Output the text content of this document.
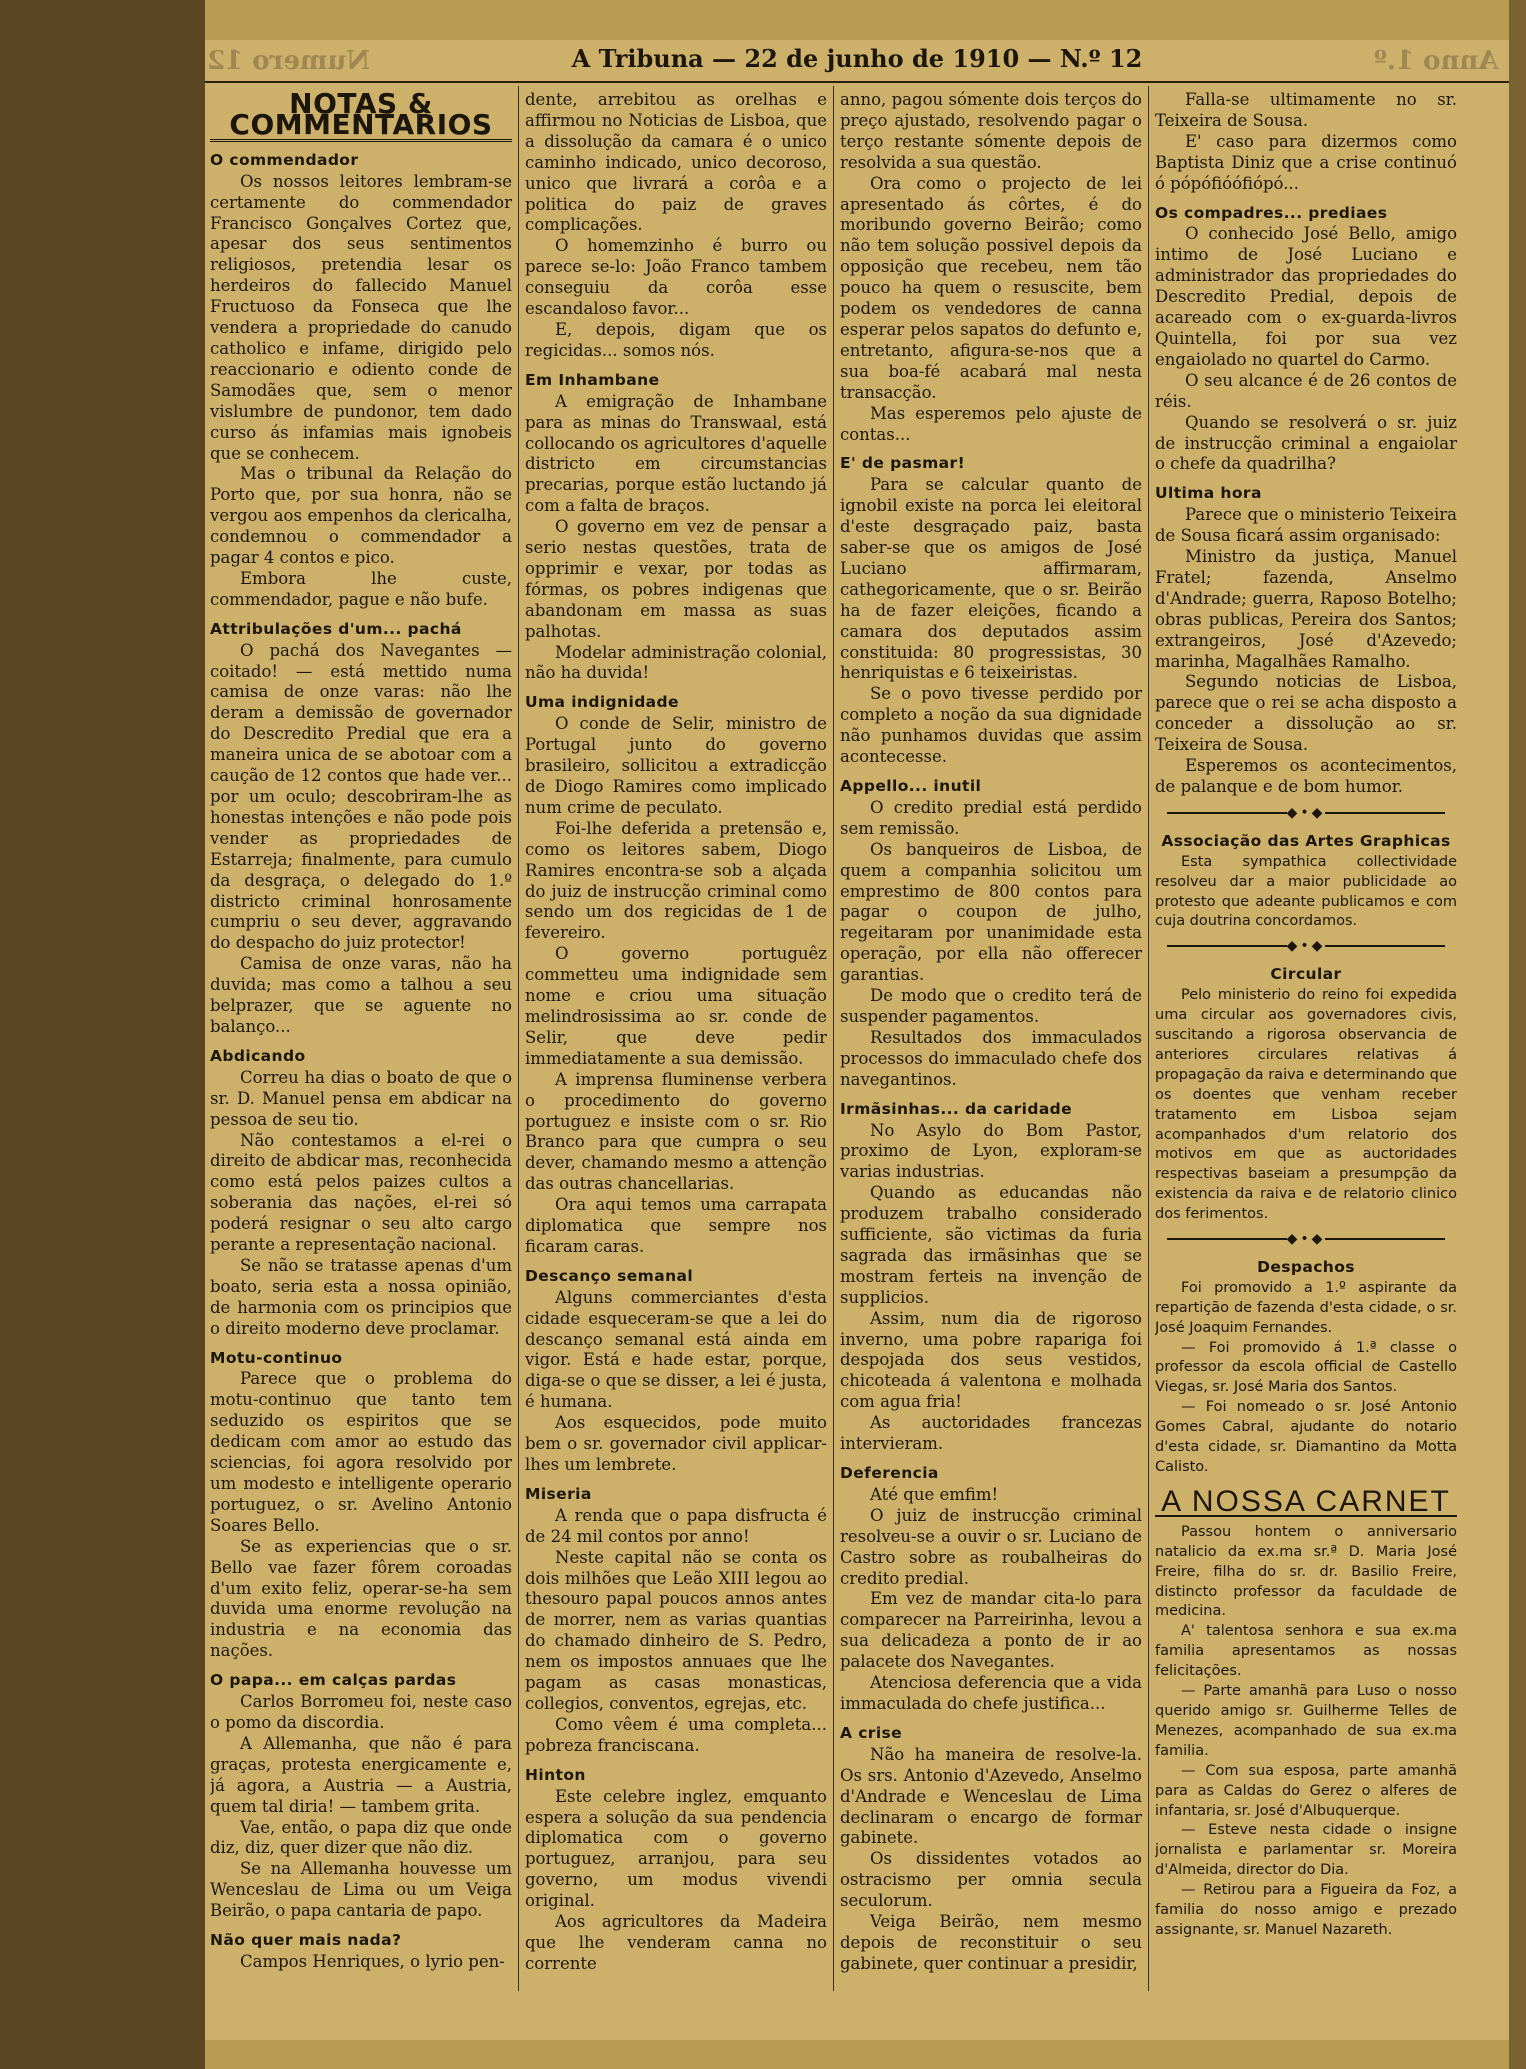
Numero 12	A Tribuna — 22 de junho de 1910 — N.º 12	Anno 1.º
NOTAS & COMMENTARIOS
O commendador

Os nossos leitores lembram-se certamente do commendador Francisco Gonçalves Cortez que, apesar dos seus sentimentos religiosos, pretendia lesar os herdeiros do fallecido Manuel Fructuoso da Fonseca que lhe vendera a propriedade do canudo catholico e infame, dirigido pelo reaccionario e odiento conde de Samodães que, sem o menor vislumbre de pundonor, tem dado curso ás infamias mais ignobeis que se conhecem.

Mas o tribunal da Relação do Porto que, por sua honra, não se vergou aos empenhos da clericalha, condemnou o commendador a pagar 4 contos e pico.

Embora lhe custe, commendador, pague e não bufe.

Attribulações d'um... pachá

O pachá dos Navegantes — coitado! — está mettido numa camisa de onze varas: não lhe deram a demissão de governador do Descredito Predial que era a maneira unica de se abotoar com a caução de 12 contos que hade ver... por um oculo; descobriram-lhe as honestas intenções e não pode pois vender as propriedades de Estarreja; finalmente, para cumulo da desgraça, o delegado do 1.º districto criminal honrosamente cumpriu o seu dever, aggravando do despacho do juiz protector!

Camisa de onze varas, não ha duvida; mas como a talhou a seu belprazer, que se aguente no balanço...

Abdicando

Correu ha dias o boato de que o sr. D. Manuel pensa em abdicar na pessoa de seu tio.

Não contestamos a el-rei o direito de abdicar mas, reconhecida como está pelos paizes cultos a soberania das nações, el-rei só poderá resignar o seu alto cargo perante a representação nacional.

Se não se tratasse apenas d'um boato, seria esta a nossa opinião, de harmonia com os principios que o direito moderno deve proclamar.

Motu-continuo

Parece que o problema do motu-continuo que tanto tem seduzido os espiritos que se dedicam com amor ao estudo das sciencias, foi agora resolvido por um modesto e intelligente operario portuguez, o sr. Avelino Antonio Soares Bello.

Se as experiencias que o sr. Bello vae fazer fôrem coroadas d'um exito feliz, operar-se-ha sem duvida uma enorme revolução na industria e na economia das nações.

O papa... em calças pardas

Carlos Borromeu foi, neste caso o pomo da discordia.

A Allemanha, que não é para graças, protesta energicamente e, já agora, a Austria — a Austria, quem tal diria! — tambem grita.

Vae, então, o papa diz que onde diz, diz, quer dizer que não diz.

Se na Allemanha houvesse um Wenceslau de Lima ou um Veiga Beirão, o papa cantaria de papo.

Não quer mais nada?

Campos Henriques, o lyrio pen-

dente, arrebitou as orelhas e affirmou no Noticias de Lisboa, que a dissolução da camara é o unico caminho indicado, unico decoroso, unico que livrará a corôa e a politica do paiz de graves complicações.

O homemzinho é burro ou parece se-lo: João Franco tambem conseguiu da corôa esse escandaloso favor...

E, depois, digam que os regicidas... somos nós.

Em Inhambane

A emigração de Inhambane para as minas do Transwaal, está collocando os agricultores d'aquelle districto em circumstancias precarias, porque estão luctando já com a falta de braços.

O governo em vez de pensar a serio nestas questões, trata de opprimir e vexar, por todas as fórmas, os pobres indigenas que abandonam em massa as suas palhotas.

Modelar administração colonial, não ha duvida!

Uma indignidade

O conde de Selir, ministro de Portugal junto do governo brasileiro, sollicitou a extradicção de Diogo Ramires como implicado num crime de peculato.

Foi-lhe deferida a pretensão e, como os leitores sabem, Diogo Ramires encontra-se sob a alçada do juiz de instrucção criminal como sendo um dos regicidas de 1 de fevereiro.

O governo portuguêz commetteu uma indignidade sem nome e criou uma situação melindrosissima ao sr. conde de Selir, que deve pedir immediatamente a sua demissão.

A imprensa fluminense verbera o procedimento do governo portuguez e insiste com o sr. Rio Branco para que cumpra o seu dever, chamando mesmo a attenção das outras chancellarias.

Ora aqui temos uma carrapata diplomatica que sempre nos ficaram caras.

Descanço semanal

Alguns commerciantes d'esta cidade esqueceram-se que a lei do descanço semanal está ainda em vigor. Está e hade estar, porque, diga-se o que se disser, a lei é justa, é humana.

Aos esquecidos, pode muito bem o sr. governador civil applicar-lhes um lembrete.

Miseria

A renda que o papa disfructa é de 24 mil contos por anno!

Neste capital não se conta os dois milhões que Leão XIII legou ao thesouro papal poucos annos antes de morrer, nem as varias quantias do chamado dinheiro de S. Pedro, nem os impostos annuaes que lhe pagam as casas monasticas, collegios, conventos, egrejas, etc.

Como vêem é uma completa... pobreza franciscana.

Hinton

Este celebre inglez, emquanto espera a solução da sua pendencia diplomatica com o governo portuguez, arranjou, para seu governo, um modus vivendi original.

Aos agricultores da Madeira que lhe venderam canna no corrente

anno, pagou sómente dois terços do preço ajustado, resolvendo pagar o terço restante sómente depois de resolvida a sua questão.

Ora como o projecto de lei apresentado ás côrtes, é do moribundo governo Beirão; como não tem solução possivel depois da opposição que recebeu, nem tão pouco ha quem o resuscite, bem podem os vendedores de canna esperar pelos sapatos do defunto e, entretanto, afigura-se-nos que a sua boa-fé acabará mal nesta transacção.

Mas esperemos pelo ajuste de contas...

E' de pasmar!

Para se calcular quanto de ignobil existe na porca lei eleitoral d'este desgraçado paiz, basta saber-se que os amigos de José Luciano affirmaram, cathegoricamente, que o sr. Beirão ha de fazer eleições, ficando a camara dos deputados assim constituida: 80 progressistas, 30 henriquistas e 6 teixeiristas.

Se o povo tivesse perdido por completo a noção da sua dignidade não punhamos duvidas que assim acontecesse.

Appello... inutil

O credito predial está perdido sem remissão.

Os banqueiros de Lisboa, de quem a companhia solicitou um emprestimo de 800 contos para pagar o coupon de julho, regeitaram por unanimidade esta operação, por ella não offerecer garantias.

De modo que o credito terá de suspender pagamentos.

Resultados dos immaculados processos do immaculado chefe dos navegantinos.

Irmãsinhas... da caridade

No Asylo do Bom Pastor, proximo de Lyon, exploram-se varias industrias.

Quando as educandas não produzem trabalho considerado sufficiente, são victimas da furia sagrada das irmãsinhas que se mostram ferteis na invenção de supplicios.

Assim, num dia de rigoroso inverno, uma pobre rapariga foi despojada dos seus vestidos, chicoteada á valentona e molhada com agua fria!

As auctoridades francezas intervieram.

Deferencia

Até que emfim!

O juiz de instrucção criminal resolveu-se a ouvir o sr. Luciano de Castro sobre as roubalheiras do credito predial.

Em vez de mandar cita-lo para comparecer na Parreirinha, levou a sua delicadeza a ponto de ir ao palacete dos Navegantes.

Atenciosa deferencia que a vida immaculada do chefe justifica...

A crise

Não ha maneira de resolve-la. Os srs. Antonio d'Azevedo, Anselmo d'Andrade e Wenceslau de Lima declinaram o encargo de formar gabinete.

Os dissidentes votados ao ostracismo per omnia secula seculorum.

Veiga Beirão, nem mesmo depois de reconstituir o seu gabinete, quer continuar a presidir,

Falla-se ultimamente no sr. Teixeira de Sousa.

E' caso para dizermos como Baptista Diniz que a crise continuó ó pópófióófiópó...

Os compadres... prediaes

O conhecido José Bello, amigo intimo de José Luciano e administrador das propriedades do Descredito Predial, depois de acareado com o ex-guarda-livros Quintella, foi por sua vez engaiolado no quartel do Carmo.

O seu alcance é de 26 contos de réis.

Quando se resolverá o sr. juiz de instrucção criminal a engaiolar o chefe da quadrilha?

Ultima hora

Parece que o ministerio Teixeira de Sousa ficará assim organisado:

Ministro da justiça, Manuel Fratel; fazenda, Anselmo d'Andrade; guerra, Raposo Botelho; obras publicas, Pereira dos Santos; extrangeiros, José d'Azevedo; marinha, Magalhães Ramalho.

Segundo noticias de Lisboa, parece que o rei se acha disposto a conceder a dissolução ao sr. Teixeira de Sousa.

Esperemos os acontecimentos, de palanque e de bom humor.

◆•◆
Associação das Artes Graphicas

Esta sympathica collectividade resolveu dar a maior publicidade ao protesto que adeante publicamos e com cuja doutrina concordamos.

◆•◆
Circular

Pelo ministerio do reino foi expedida uma circular aos governadores civis, suscitando a rigorosa observancia de anteriores circulares relativas á propagação da raiva e determinando que os doentes que venham receber tratamento em Lisboa sejam acompanhados d'um relatorio dos motivos em que as auctoridades respectivas baseiam a presumpção da existencia da raiva e de relatorio clinico dos ferimentos.

◆•◆
Despachos

Foi promovido a 1.º aspirante da repartição de fazenda d'esta cidade, o sr. José Joaquim Fernandes.

— Foi promovido á 1.ª classe o professor da escola official de Castello Viegas, sr. José Maria dos Santos.

— Foi nomeado o sr. José Antonio Gomes Cabral, ajudante do notario d'esta cidade, sr. Diamantino da Motta Calisto.

A NOSSA CARNET

Passou hontem o anniversario natalicio da ex.ma sr.ª D. Maria José Freire, filha do sr. dr. Basilio Freire, distincto professor da faculdade de medicina.

A' talentosa senhora e sua ex.ma familia apresentamos as nossas felicitações.

— Parte amanhã para Luso o nosso querido amigo sr. Guilherme Telles de Menezes, acompanhado de sua ex.ma familia.

— Com sua esposa, parte amanhã para as Caldas do Gerez o alferes de infantaria, sr. José d'Albuquerque.

— Esteve nesta cidade o insigne jornalista e parlamentar sr. Moreira d'Almeida, director do Dia.

— Retirou para a Figueira da Foz, a familia do nosso amigo e prezado assignante, sr. Manuel Nazareth.
